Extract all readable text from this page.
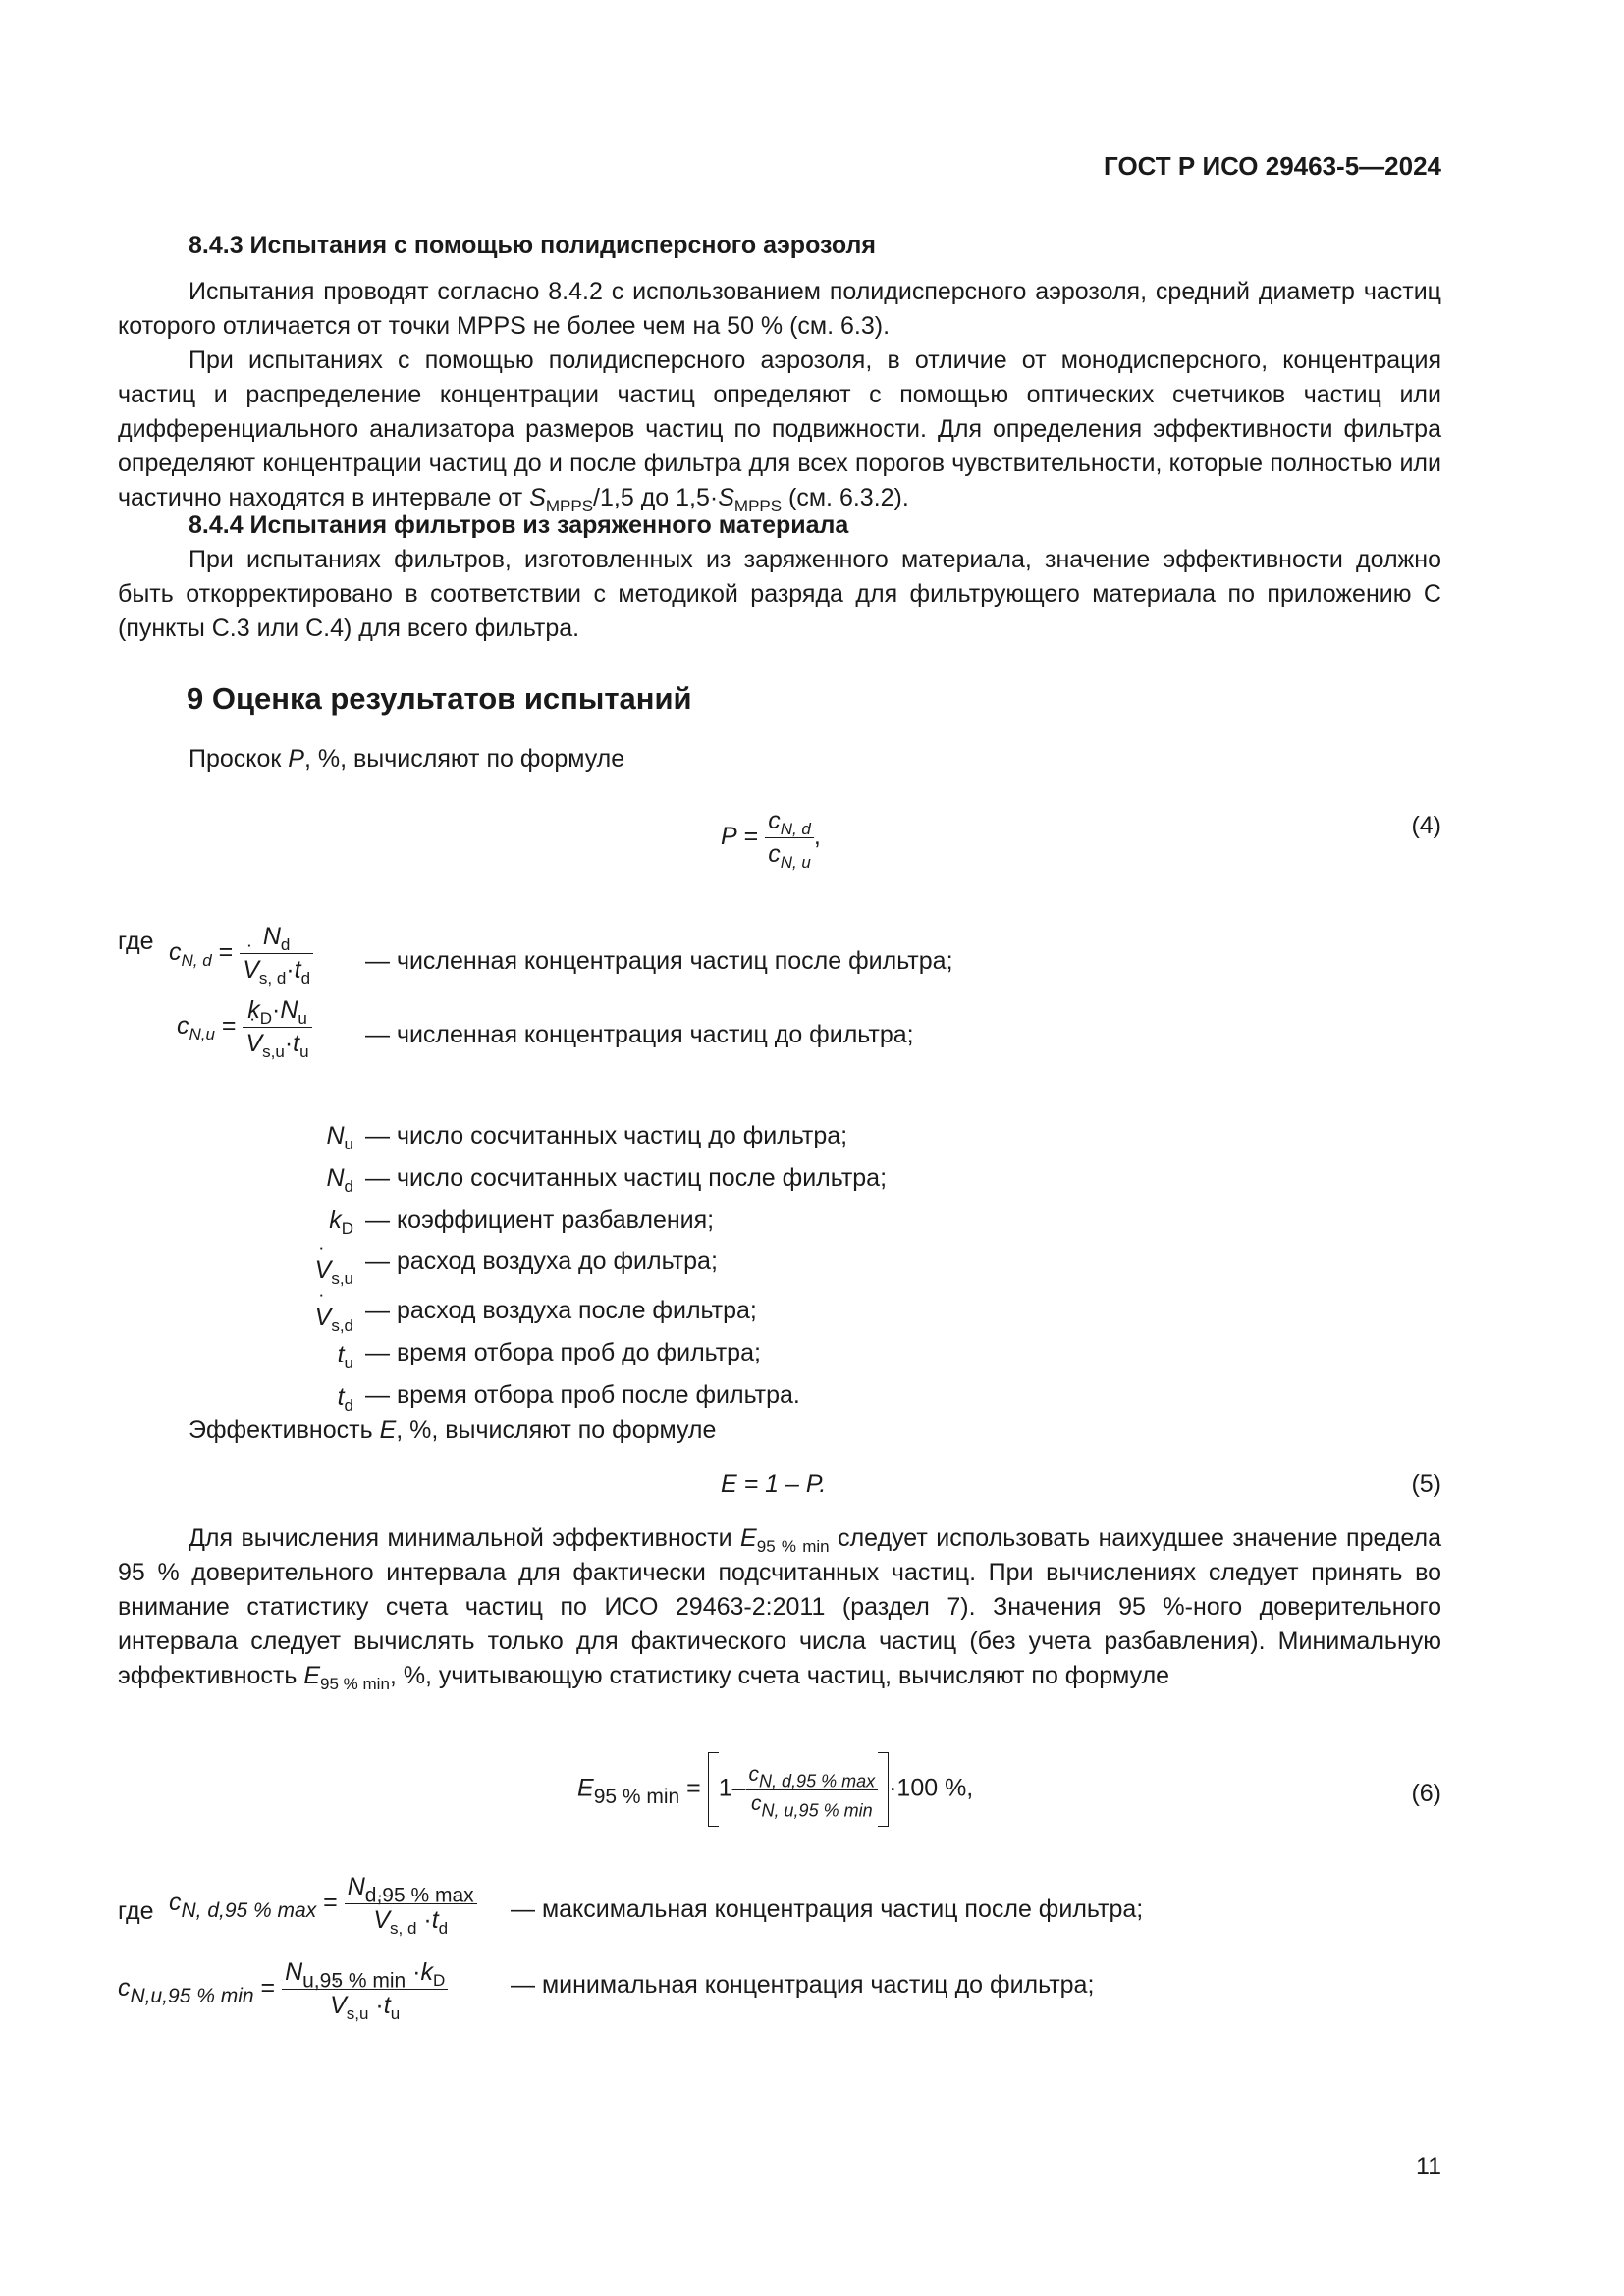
ГОСТ Р ИСО 29463-5—2024
8.4.3 Испытания с помощью полидисперсного аэрозоля

Испытания проводят согласно 8.4.2 с использованием полидисперсного аэрозоля, средний диаметр частиц которого отличается от точки MPPS не более чем на 50 % (см. 6.3).

При испытаниях с помощью полидисперсного аэрозоля, в отличие от монодисперсного, концентрация частиц и распределение концентрации частиц определяют с помощью оптических счетчиков частиц или дифференциального анализатора размеров частиц по подвижности. Для определения эффективности фильтра определяют концентрации частиц до и после фильтра для всех порогов чувствительности, которые полностью или частично находятся в интервале от $S_{MPPS}/1,5$ до $1,5\cdot S_{MPPS}$ (см. 6.3.2).

8.4.4 Испытания фильтров из заряженного материала

При испытаниях фильтров, изготовленных из заряженного материала, значение эффективности должно быть откорректировано в соответствии с методикой разряда для фильтрующего материала по приложению С (пункты С.3 или С.4) для всего фильтра.

9 Оценка результатов испытаний
Проскок P, %, вычисляют по формуле
$P = \frac{c_{N, d}}{c_{N, u}}$ ,	(4)
где $c_{N, d} = N_d$
˙ $V_{s, d}\cdot t_d$ — численная концентрация частиц после фильтра;
$c_{N,u} = k_D\cdot N_u$
˙ $V_{s,u}\cdot t_u$ — численная концентрация частиц до фильтра;
$N_u$ — число сосчитанных частиц до фильтра;
$N_d$ — число сосчитанных частиц после фильтра;
$k_D$ — коэффициент разбавления;
˙ $V_{s,u}$
— расход воздуха до фильтра;
˙ $V_{s,d}$
— расход воздуха после фильтра;
$t_u$ — время отбора проб до фильтра;
$t_d$ — время отбора проб после фильтра.
Эффективность E, %, вычисляют по формуле
E = 1 – P.	(5)

Для вычисления минимальной эффективности $E_{95 \% min}$ следует использовать наихудшее значение предела 95 % доверительного интервала для фактически подсчитанных частиц. При вычислениях следует принять во внимание статистику счета частиц по ИСО 29463-2:2011 (раздел 7). Значения 95 %-ного доверительного интервала следует вычислять только для фактического числа частиц (без учета разбавления). Минимальную эффективность $E_{95 \% min}$, %, учитывающую статистику счета частиц, вычисляют по формуле

$E_{95 \% min} = 1- \frac{c_{N, d,95 \% max}}{c_{N, u,95 \% min}} \cdot 100$ %,	(6)
где $c_{N, d,95 \% max} = N_{d,95 \% max}$
˙ $V_{s, d} \cdot t_d$ — максимальная концентрация частиц после фильтра;
$c_{N,u,95 \% min} = N_{u,95 \% min} \cdot k_D$
˙ $V_{s,u} \cdot t_u$	— минимальная концентрация частиц до фильтра;
11
